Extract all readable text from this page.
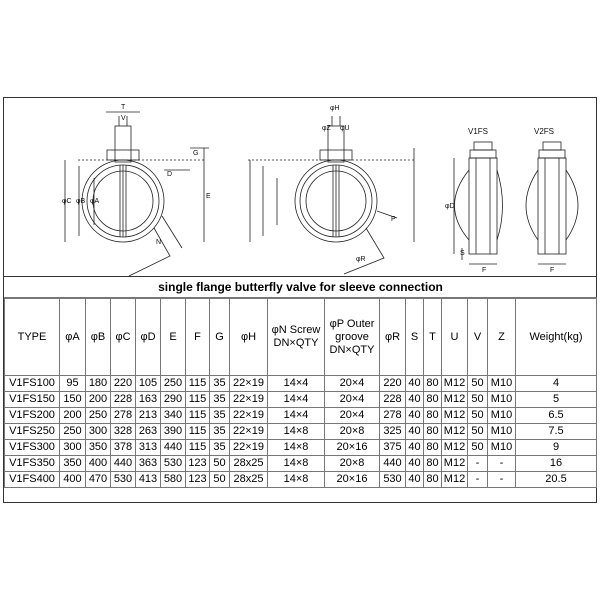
T
V
φH
φZ φU
G
D
φC φB φA
E
N
φR
P
φD
S
F	F
V1FS	V2FS
single flange butterfly valve for sleeve connection
TYPE	φA	φB	φC	φD	E	F	G	φH	φN Screw DN×QTY	φP Outer groove DN×QTY	φR	S	T	U	V	Z	Weight(kg)
V1FS100	95	180	220	105	250	115	35	22×19	14×4	20×4	220	40	80	M12	50	M10	4
V1FS150	150	200	228	163	290	115	35	22×19	14×4	20×4	228	40	80	M12	50	M10	5
V1FS200	200	250	278	213	340	115	35	22×19	14×4	20×4	278	40	80	M12	50	M10	6.5
V1FS250	250	300	328	263	390	115	35	22×19	14×8	20×8	325	40	80	M12	50	M10	7.5
V1FS300	300	350	378	313	440	115	35	22×19	14×8	20×16	375	40	80	M12	50	M10	9
V1FS350	350	400	440	363	530	123	50	28x25	14×8	20×8	440	40	80	M12	-	-	16
V1FS400	400	470	530	413	580	123	50	28x25	14×8	20×16	530	40	80	M12	-	-	20.5
